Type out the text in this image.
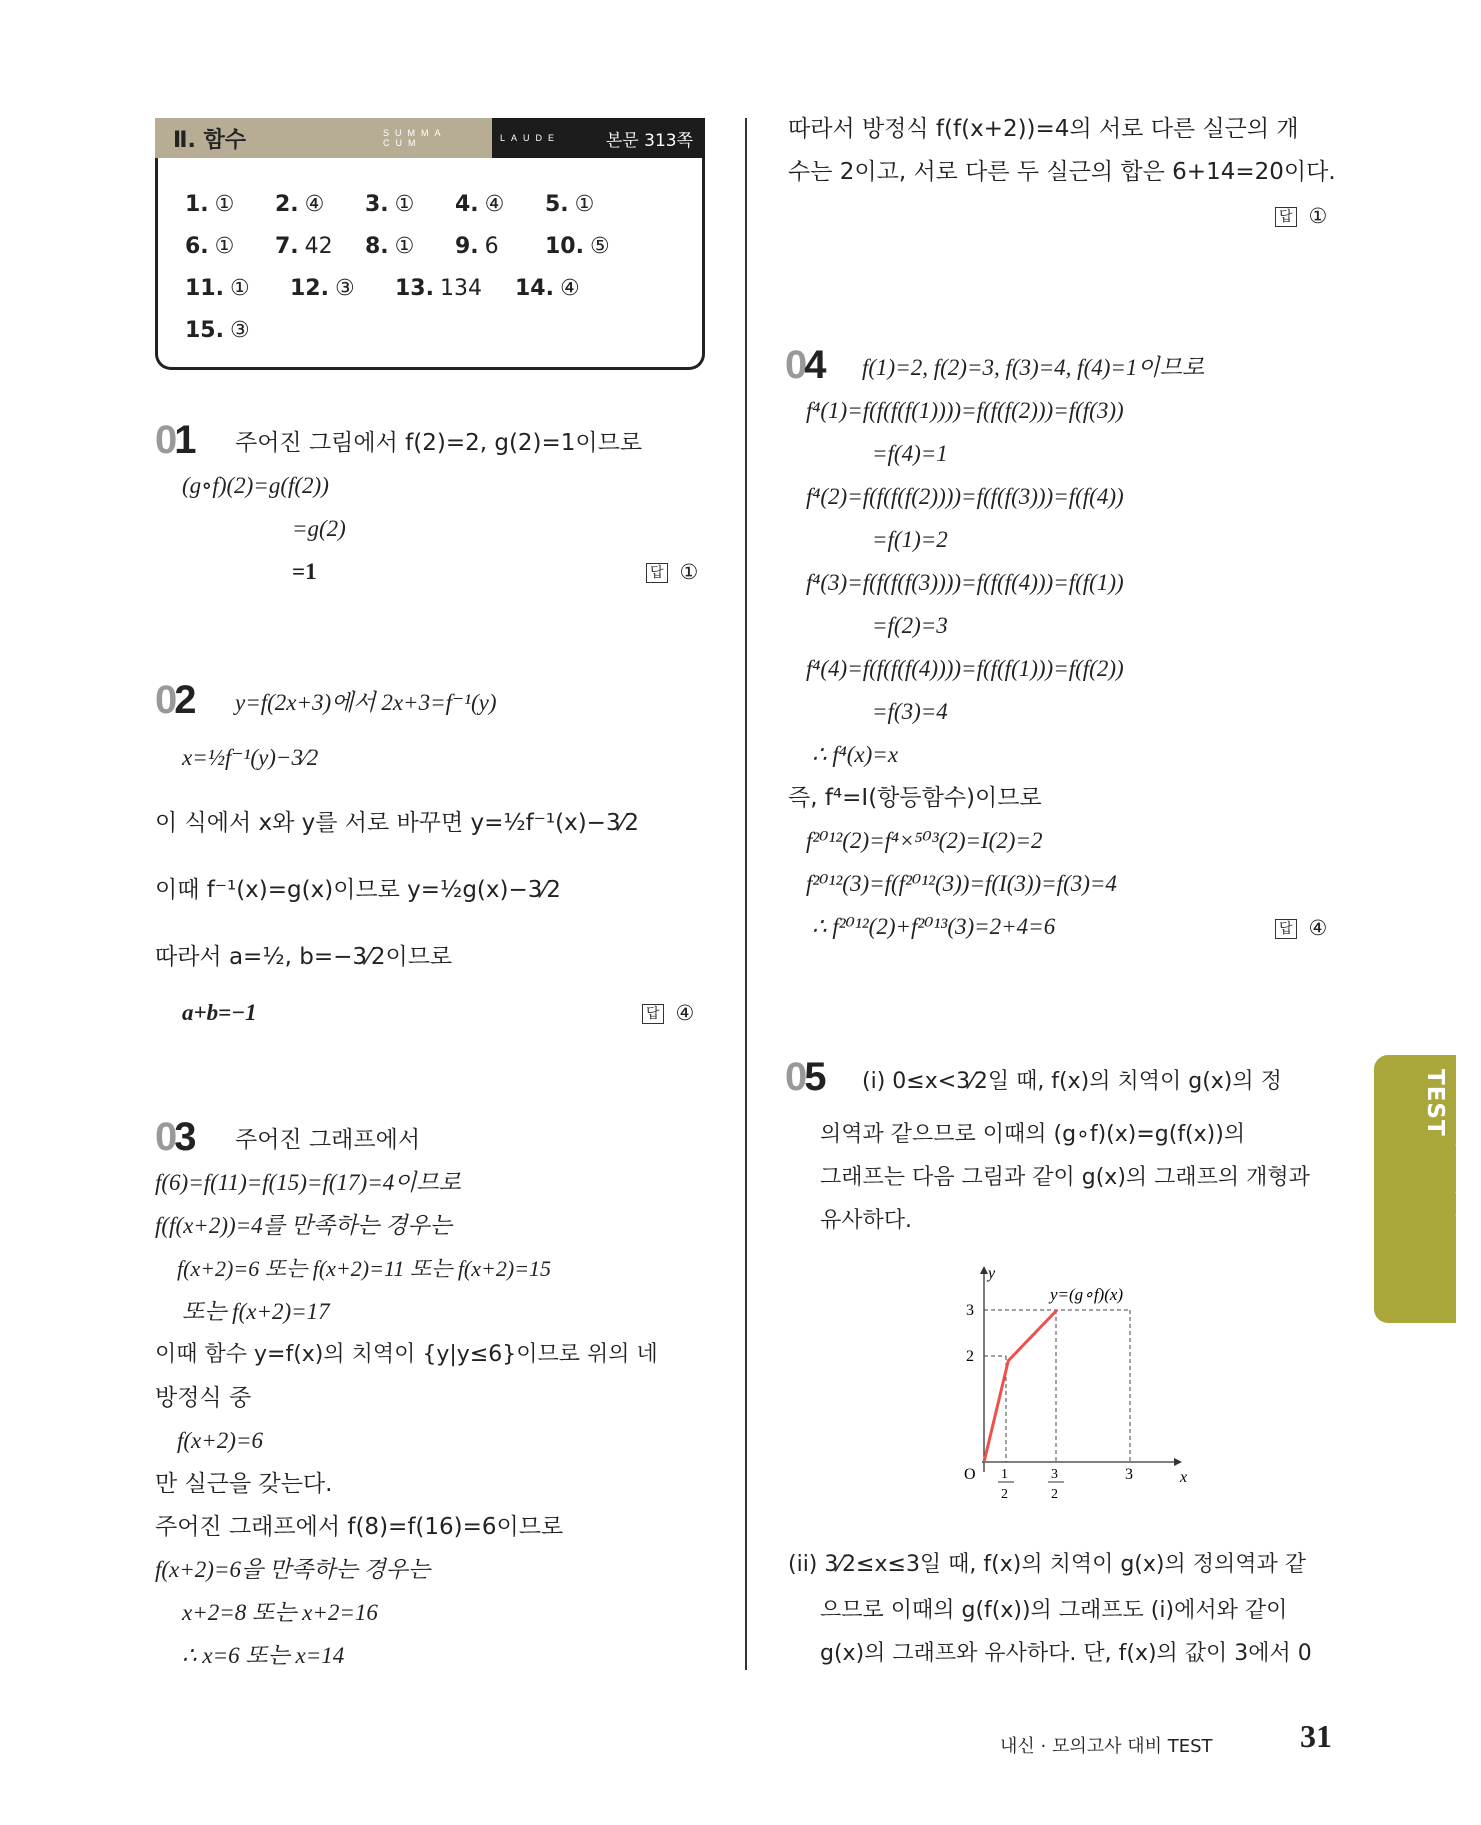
Ⅱ. 함수	SUMMA CUM	LAUDE	본문 313쪽
1. ①	2. ④	3. ①	4. ④	5. ①
6. ①	7. 42	8. ①	9. 6	10. ⑤
11. ①	12. ③	13. 134	14. ④
15. ③
01 주어진 그림에서 f(2)=2, g(2)=1이므로
(g∘f)(2)=g(f(2))
=g(2)
=1	답 ①
02 y=f(2x+3)에서 2x+3=f⁻¹(y)
x=½f⁻¹(y)−3⁄2
이 식에서 x와 y를 서로 바꾸면 y=½f⁻¹(x)−3⁄2
이때 f⁻¹(x)=g(x)이므로 y=½g(x)−3⁄2
따라서 a=½, b=−3⁄2이므로
a+b=−1	답 ④
03 주어진 그래프에서
f(6)=f(11)=f(15)=f(17)=4이므로
f(f(x+2))=4를 만족하는 경우는
f(x+2)=6 또는 f(x+2)=11 또는 f(x+2)=15
또는 f(x+2)=17
이때 함수 y=f(x)의 치역이 {y|y≤6}이므로 위의 네
방정식 중
f(x+2)=6
만 실근을 갖는다.
주어진 그래프에서 f(8)=f(16)=6이므로
f(x+2)=6을 만족하는 경우는
x+2=8 또는 x+2=16
∴ x=6 또는 x=14
따라서 방정식 f(f(x+2))=4의 서로 다른 실근의 개
수는 2이고, 서로 다른 두 실근의 합은 6+14=20이다.
답 ①
04 f(1)=2, f(2)=3, f(3)=4, f(4)=1이므로
f⁴(1)=f(f(f(f(1))))=f(f(f(2)))=f(f(3))
=f(4)=1
f⁴(2)=f(f(f(f(2))))=f(f(f(3)))=f(f(4))
=f(1)=2
f⁴(3)=f(f(f(f(3))))=f(f(f(4)))=f(f(1))
=f(2)=3
f⁴(4)=f(f(f(f(4))))=f(f(f(1)))=f(f(2))
=f(3)=4
∴ f⁴(x)=x
즉, f⁴=I(항등함수)이므로
f²⁰¹²(2)=f⁴×⁵⁰³(2)=I(2)=2
f²⁰¹²(3)=f(f²⁰¹²(3))=f(I(3))=f(3)=4
∴ f²⁰¹²(2)+f²⁰¹³(3)=2+4=6	답 ④
05 (i) 0≤x<3⁄2일 때, f(x)의 치역이 g(x)의 정
의역과 같으므로 이때의 (g∘f)(x)=g(f(x))의
그래프는 다음 그림과 같이 g(x)의 그래프의 개형과
유사하다.
y
x
y=(g∘f)(x)
O
3
2
1
2
3
2
3
(ii) 3⁄2≤x≤3일 때, f(x)의 치역이 g(x)의 정의역과 같
으므로 이때의 g(f(x))의 그래프도 (i)에서와 같이
g(x)의 그래프와 유사하다. 단, f(x)의 값이 3에서 0
내신·모의고사 대비 TEST
내신 · 모의고사 대비 TEST	31
